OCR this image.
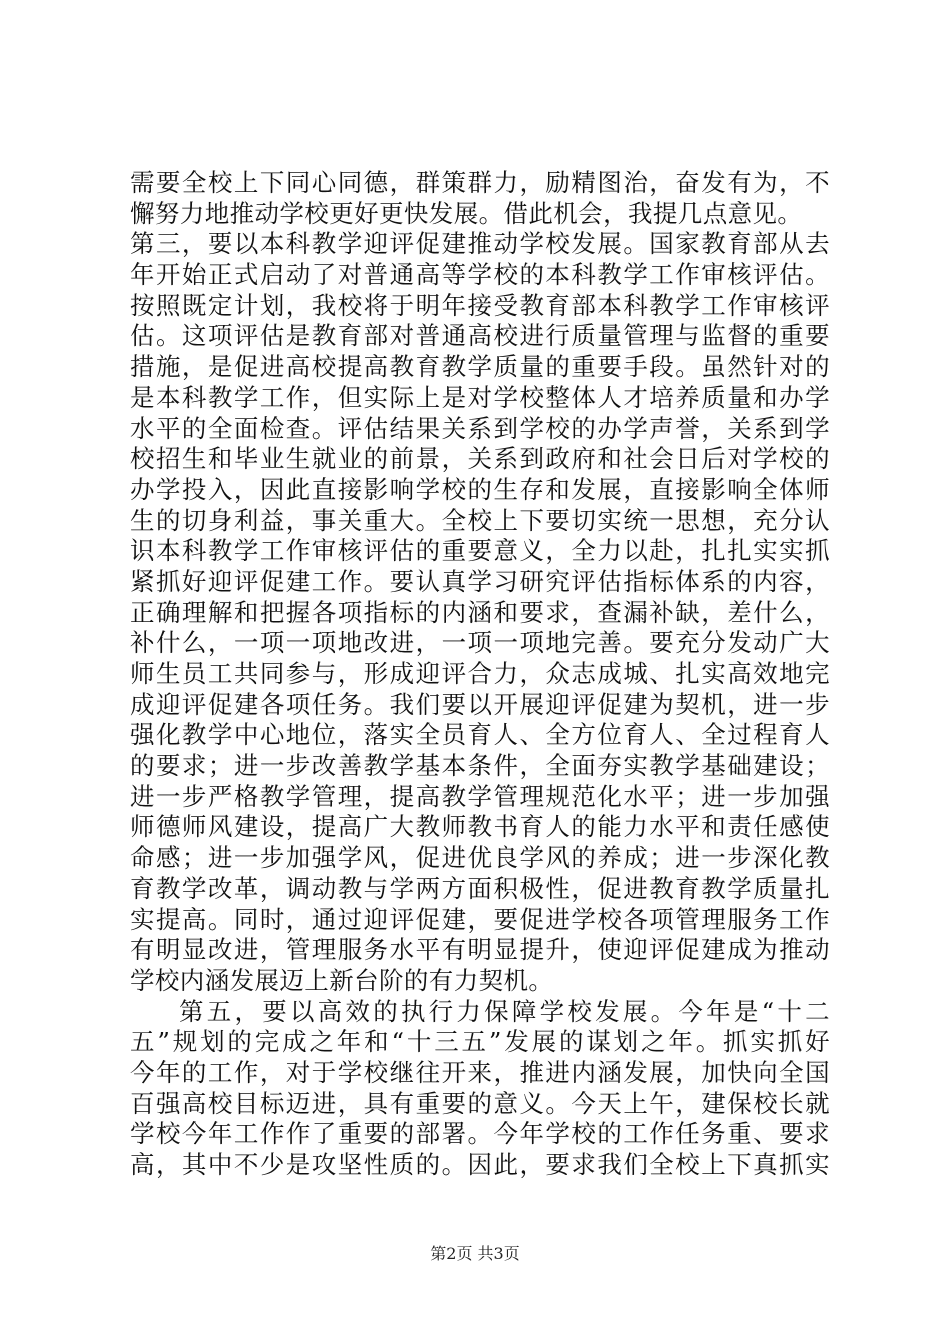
需要全校上下同心同德，群策群力，励精图治，奋发有为，不
懈努力地推动学校更好更快发展。借此机会，我提几点意见。
第三，要以本科教学迎评促建推动学校发展。国家教育部从去
年开始正式启动了对普通高等学校的本科教学工作审核评估。
按照既定计划，我校将于明年接受教育部本科教学工作审核评
估。这项评估是教育部对普通高校进行质量管理与监督的重要
措施，是促进高校提高教育教学质量的重要手段。虽然针对的
是本科教学工作，但实际上是对学校整体人才培养质量和办学
水平的全面检查。评估结果关系到学校的办学声誉，关系到学
校招生和毕业生就业的前景，关系到政府和社会日后对学校的
办学投入，因此直接影响学校的生存和发展，直接影响全体师
生的切身利益，事关重大。全校上下要切实统一思想，充分认
识本科教学工作审核评估的重要意义，全力以赴，扎扎实实抓
紧抓好迎评促建工作。要认真学习研究评估指标体系的内容，
正确理解和把握各项指标的内涵和要求，查漏补缺，差什么，
补什么，一项一项地改进，一项一项地完善。要充分发动广大
师生员工共同参与，形成迎评合力，众志成城、扎实高效地完
成迎评促建各项任务。我们要以开展迎评促建为契机，进一步
强化教学中心地位，落实全员育人、全方位育人、全过程育人
的要求；进一步改善教学基本条件，全面夯实教学基础建设；
进一步严格教学管理，提高教学管理规范化水平；进一步加强
师德师风建设，提高广大教师教书育人的能力水平和责任感使
命感；进一步加强学风，促进优良学风的养成；进一步深化教
育教学改革，调动教与学两方面积极性，促进教育教学质量扎
实提高。同时，通过迎评促建，要促进学校各项管理服务工作
有明显改进，管理服务水平有明显提升，使迎评促建成为推动
学校内涵发展迈上新台阶的有力契机。
第五，要以高效的执行力保障学校发展。今年是“十二
五”规划的完成之年和“十三五”发展的谋划之年。抓实抓好
今年的工作，对于学校继往开来，推进内涵发展，加快向全国
百强高校目标迈进，具有重要的意义。今天上午，建保校长就
学校今年工作作了重要的部署。今年学校的工作任务重、要求
高，其中不少是攻坚性质的。因此，要求我们全校上下真抓实
第2页 共3页
